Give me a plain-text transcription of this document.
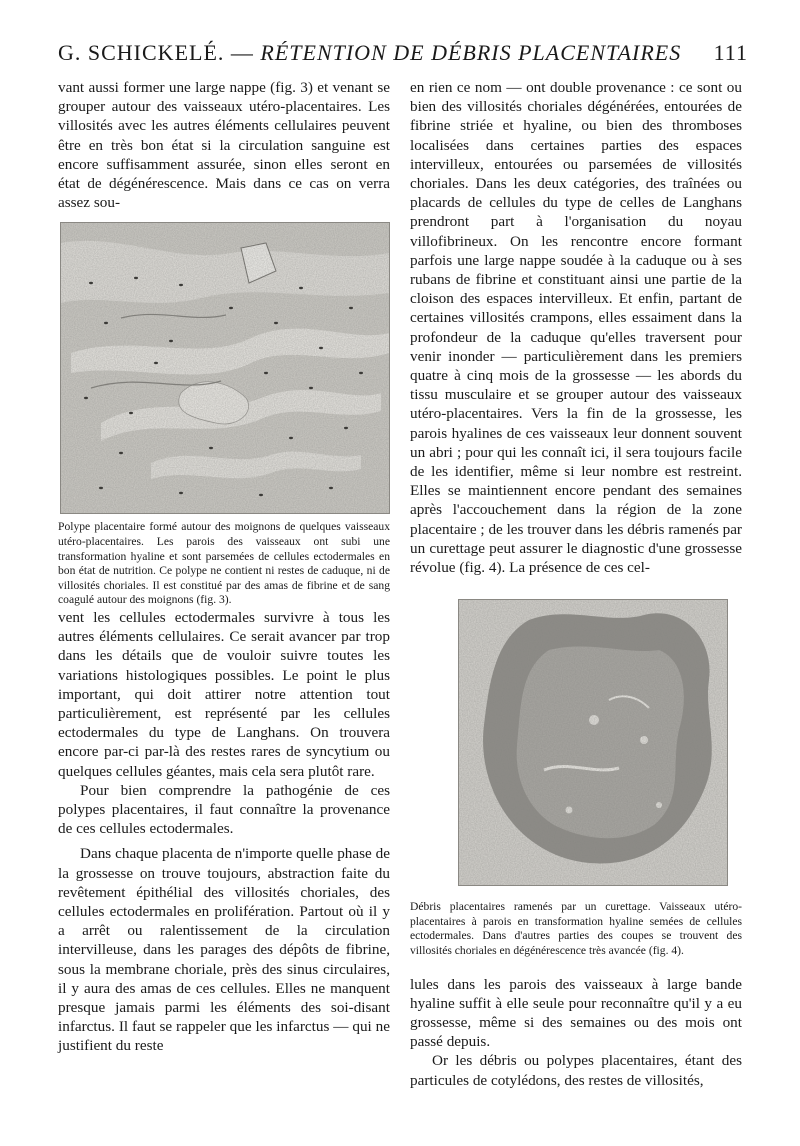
G. SCHICKELÉ. — RÉTENTION DE DÉBRIS PLACENTAIRES 111

vant aussi former une large nappe (fig. 3) et venant se grouper autour des vaisseaux utéro-placentaires. Les villosités avec les autres éléments cellulaires peuvent être en très bon état si la circulation sanguine est encore suffisamment assurée, sinon elles seront en état de dégénérescence. Mais dans ce cas on verra assez sou-

Polype placentaire formé autour des moignons de quelques vaisseaux utéro-placentaires. Les parois des vaisseaux ont subi une transformation hyaline et sont parsemées de cellules ectodermales en bon état de nutrition. Ce polype ne contient ni restes de caduque, ni de villosités choriales. Il est constitué par des amas de fibrine et de sang coagulé autour des moignons (fig. 3).

vent les cellules ectodermales survivre à tous les autres éléments cellulaires. Ce serait avancer par trop dans les détails que de vouloir suivre toutes les variations histologiques possibles. Le point le plus important, qui doit attirer notre attention tout particulièrement, est représenté par les cellules ectodermales du type de Langhans. On trouvera encore par-ci par-là des restes rares de syncytium ou quelques cellules géantes, mais cela sera plutôt rare.

Pour bien comprendre la pathogénie de ces polypes placentaires, il faut connaître la provenance de ces cellules ectodermales.

Dans chaque placenta de n'importe quelle phase de la grossesse on trouve toujours, abstraction faite du revêtement épithélial des villosités choriales, des cellules ectodermales en prolifération. Partout où il y a arrêt ou ralentissement de la circulation intervilleuse, dans les parages des dépôts de fibrine, sous la membrane choriale, près des sinus circulaires, il y aura des amas de ces cellules. Elles ne manquent presque jamais parmi les éléments des soi-disant infarctus. Il faut se rappeler que les infarctus — qui ne justifient du reste

en rien ce nom — ont double provenance : ce sont ou bien des villosités choriales dégénérées, entourées de fibrine striée et hyaline, ou bien des thromboses localisées dans certaines parties des espaces intervilleux, entourées ou parsemées de villosités choriales. Dans les deux catégories, des traînées ou placards de cellules du type de celles de Langhans prendront part à l'organisation du noyau villofibrineux. On les rencontre encore formant parfois une large nappe soudée à la caduque ou à ses rubans de fibrine et constituant ainsi une partie de la cloison des espaces intervilleux. Et enfin, partant de certaines villosités crampons, elles essaiment dans la profondeur de la caduque qu'elles traversent pour venir inonder — particulièrement dans les premiers quatre à cinq mois de la grossesse — les abords du tissu musculaire et se grouper autour des vaisseaux utéro-placentaires. Vers la fin de la grossesse, les parois hyalines de ces vaisseaux leur donnent souvent un abri ; pour qui les connaît ici, il sera toujours facile de les identifier, même si leur nombre est restreint. Elles se maintiennent encore pendant des semaines après l'accouchement dans la région de la zone placentaire ; de les trouver dans les débris ramenés par un curettage peut assurer le diagnostic d'une grossesse révolue (fig. 4). La présence de ces cel-

Débris placentaires ramenés par un curettage. Vaisseaux utéro-placentaires à parois en transformation hyaline semées de cellules ectodermales. Dans d'autres parties des coupes se trouvent des villosités choriales en dégénérescence très avancée (fig. 4).

lules dans les parois des vaisseaux à large bande hyaline suffit à elle seule pour reconnaître qu'il y a eu grossesse, même si des semaines ou des mois ont passé depuis.

Or les débris ou polypes placentaires, étant des particules de cotylédons, des restes de villosités,
